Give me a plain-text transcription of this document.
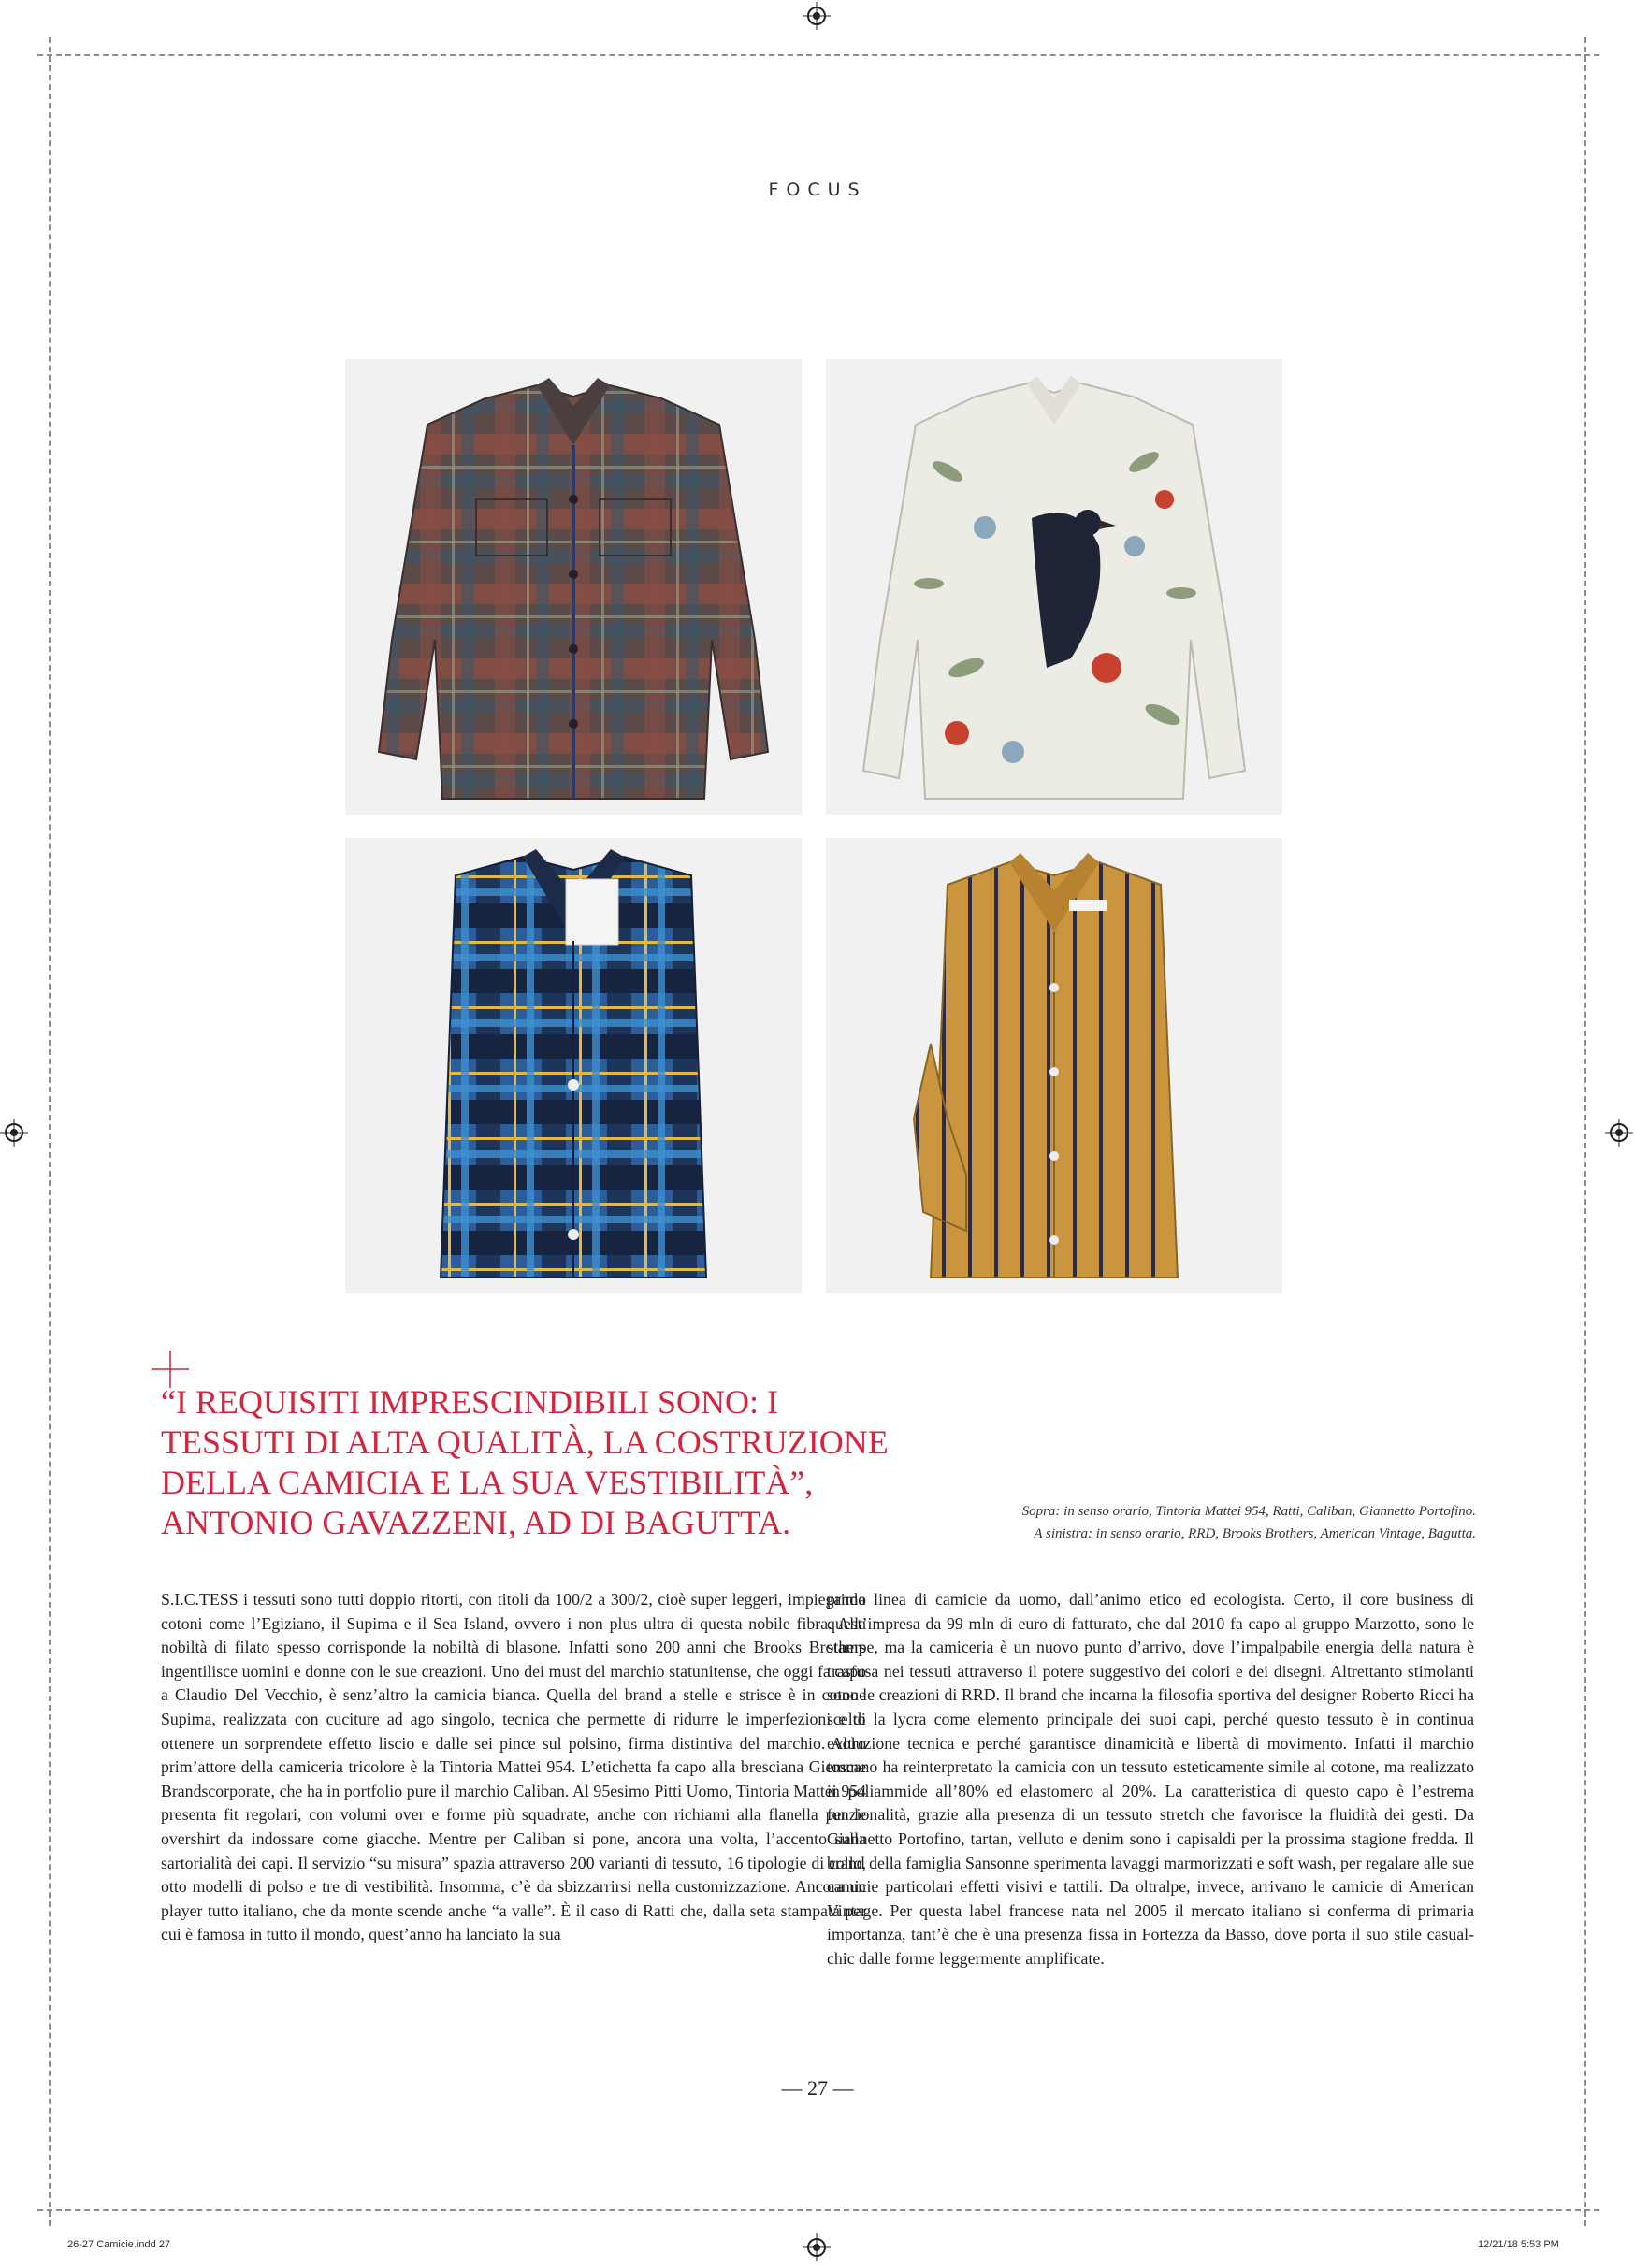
FOCUS
“I REQUISITI IMPRESCINDIBILI SONO: I TESSUTI DI ALTA QUALITÀ, LA COSTRUZIONE DELLA CAMICIA E LA SUA VESTIBILITÀ”, ANTONIO GAVAZZENI, AD DI BAGUTTA.	Sopra: in senso orario, Tintoria Mattei 954, Ratti, Caliban, Giannetto Portofino.
A sinistra: in senso orario, RRD, Brooks Brothers, American Vintage, Bagutta.

S.I.C.TESS i tessuti sono tutti doppio ritorti, con titoli da 100/2 a 300/2, cioè super leggeri, impiegando cotoni come l’Egiziano, il Supima e il Sea Island, ovvero i non plus ultra di questa nobile fibra. Alla nobiltà di filato spesso corrisponde la nobiltà di blasone. Infatti sono 200 anni che Brooks Brothers ingentilisce uomini e donne con le sue creazioni. Uno dei must del marchio statunitense, che oggi fa capo a Claudio Del Vecchio, è senz’altro la camicia bianca. Quella del brand a stelle e strisce è in cotone Supima, realizzata con cuciture ad ago singolo, tecnica che permette di ridurre le imperfezioni e di ottenere un sorprendete effetto liscio e dalle sei pince sul polsino, firma distintiva del marchio. Altro prim’attore della camiceria tricolore è la Tintoria Mattei 954. L’etichetta fa capo alla bresciana Giemme Brandscorporate, che ha in portfolio pure il marchio Caliban. Al 95esimo Pitti Uomo, Tintoria Mattei 954 presenta fit regolari, con volumi over e forme più squadrate, anche con richiami alla flanella per le overshirt da indossare come giacche. Mentre per Caliban si pone, ancora una volta, l’accento sulla sartorialità dei capi. Il servizio “su misura” spazia attraverso 200 varianti di tessuto, 16 tipologie di collo, otto modelli di polso e tre di vestibilità. Insomma, c’è da sbizzarrirsi nella customizzazione. Ancora un player tutto italiano, che da monte scende anche “a valle”. È il caso di Ratti che, dalla seta stampata per cui è famosa in tutto il mondo, quest’anno ha lanciato la sua

prima linea di camicie da uomo, dall’animo etico ed ecologista. Certo, il core business di quest’impresa da 99 mln di euro di fatturato, che dal 2010 fa capo al gruppo Marzotto, sono le stampe, ma la camiceria è un nuovo punto d’arrivo, dove l’impalpabile energia della natura è trasfusa nei tessuti attraverso il potere suggestivo dei colori e dei disegni. Altrettanto stimolanti sono le creazioni di RRD. Il brand che incarna la filosofia sportiva del designer Roberto Ricci ha scelto la lycra come elemento principale dei suoi capi, perché questo tessuto è in continua evoluzione tecnica e perché garantisce dinamicità e libertà di movimento. Infatti il marchio toscano ha reinterpretato la camicia con un tessuto esteticamente simile al cotone, ma realizzato in poliammide all’80% ed elastomero al 20%. La caratteristica di questo capo è l’estrema funzionalità, grazie alla presenza di un tessuto stretch che favorisce la fluidità dei gesti. Da Giannetto Portofino, tartan, velluto e denim sono i capisaldi per la prossima stagione fredda. Il brand della famiglia Sansonne sperimenta lavaggi marmorizzati e soft wash, per regalare alle sue camicie particolari effetti visivi e tattili. Da oltralpe, invece, arrivano le camicie di American Vintage. Per questa label francese nata nel 2005 il mercato italiano si conferma di primaria importanza, tant’è che è una presenza fissa in Fortezza da Basso, dove porta il suo stile casual-chic dalle forme leggermente amplificate.

— 27 —
26-27 Camicie.indd 27	12/21/18 5:53 PM
